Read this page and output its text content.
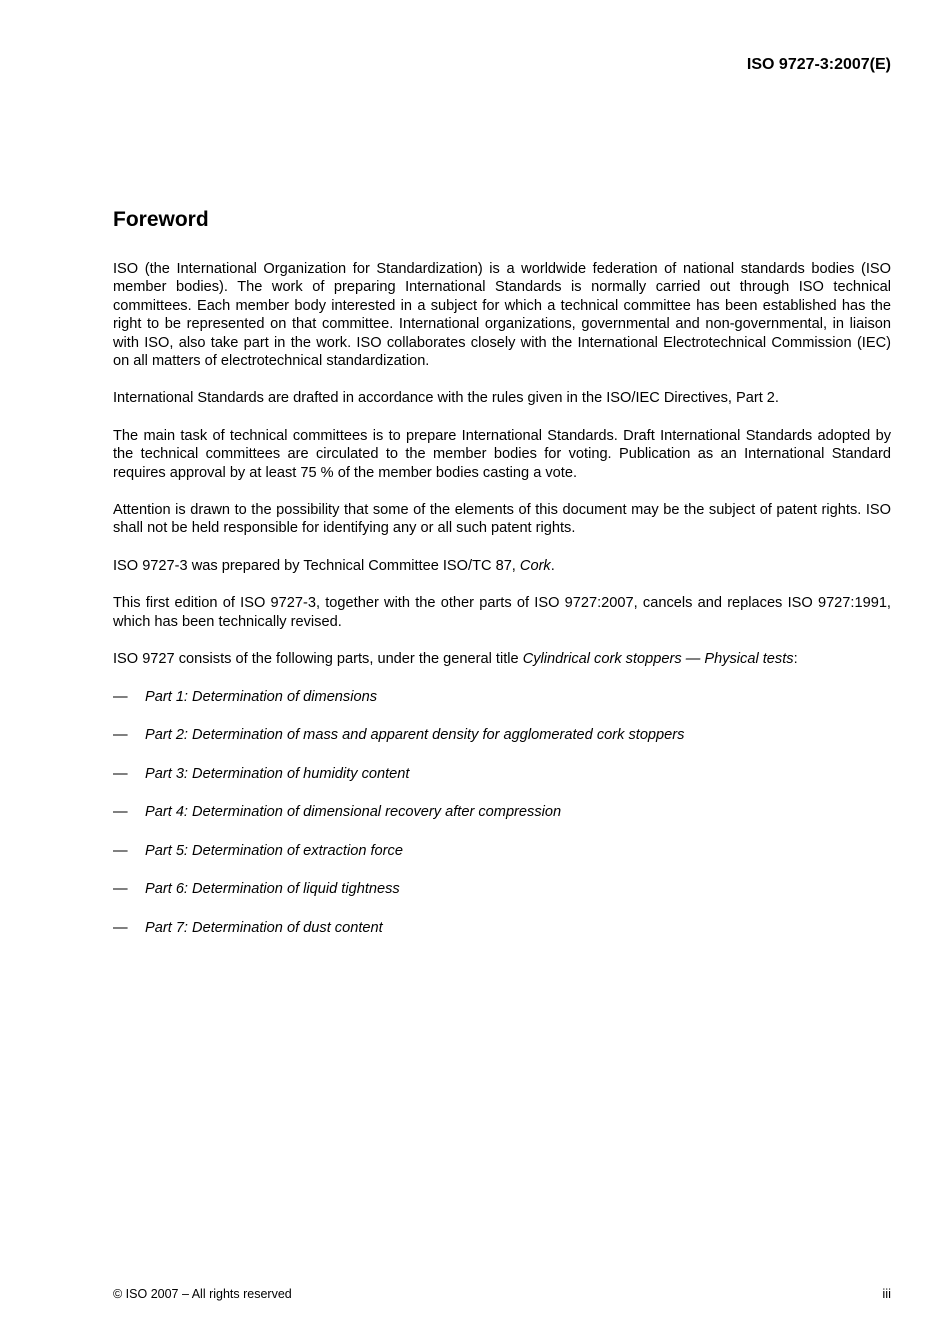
ISO 9727-3:2007(E)

Foreword

ISO (the International Organization for Standardization) is a worldwide federation of national standards bodies (ISO member bodies). The work of preparing International Standards is normally carried out through ISO technical committees. Each member body interested in a subject for which a technical committee has been established has the right to be represented on that committee. International organizations, governmental and non-governmental, in liaison with ISO, also take part in the work. ISO collaborates closely with the International Electrotechnical Commission (IEC) on all matters of electrotechnical standardization.

International Standards are drafted in accordance with the rules given in the ISO/IEC Directives, Part 2.

The main task of technical committees is to prepare International Standards. Draft International Standards adopted by the technical committees are circulated to the member bodies for voting. Publication as an International Standard requires approval by at least 75 % of the member bodies casting a vote.

Attention is drawn to the possibility that some of the elements of this document may be the subject of patent rights. ISO shall not be held responsible for identifying any or all such patent rights.

ISO 9727-3 was prepared by Technical Committee ISO/TC 87, Cork.

This first edition of ISO 9727-3, together with the other parts of ISO 9727:2007, cancels and replaces ISO 9727:1991, which has been technically revised.

ISO 9727 consists of the following parts, under the general title Cylindrical cork stoppers — Physical tests:

—	Part 1: Determination of dimensions
—	Part 2: Determination of mass and apparent density for agglomerated cork stoppers
—	Part 3: Determination of humidity content
—	Part 4: Determination of dimensional recovery after compression
—	Part 5: Determination of extraction force
—	Part 6: Determination of liquid tightness
—	Part 7: Determination of dust content

© ISO 2007 – All rights reserved	iii
